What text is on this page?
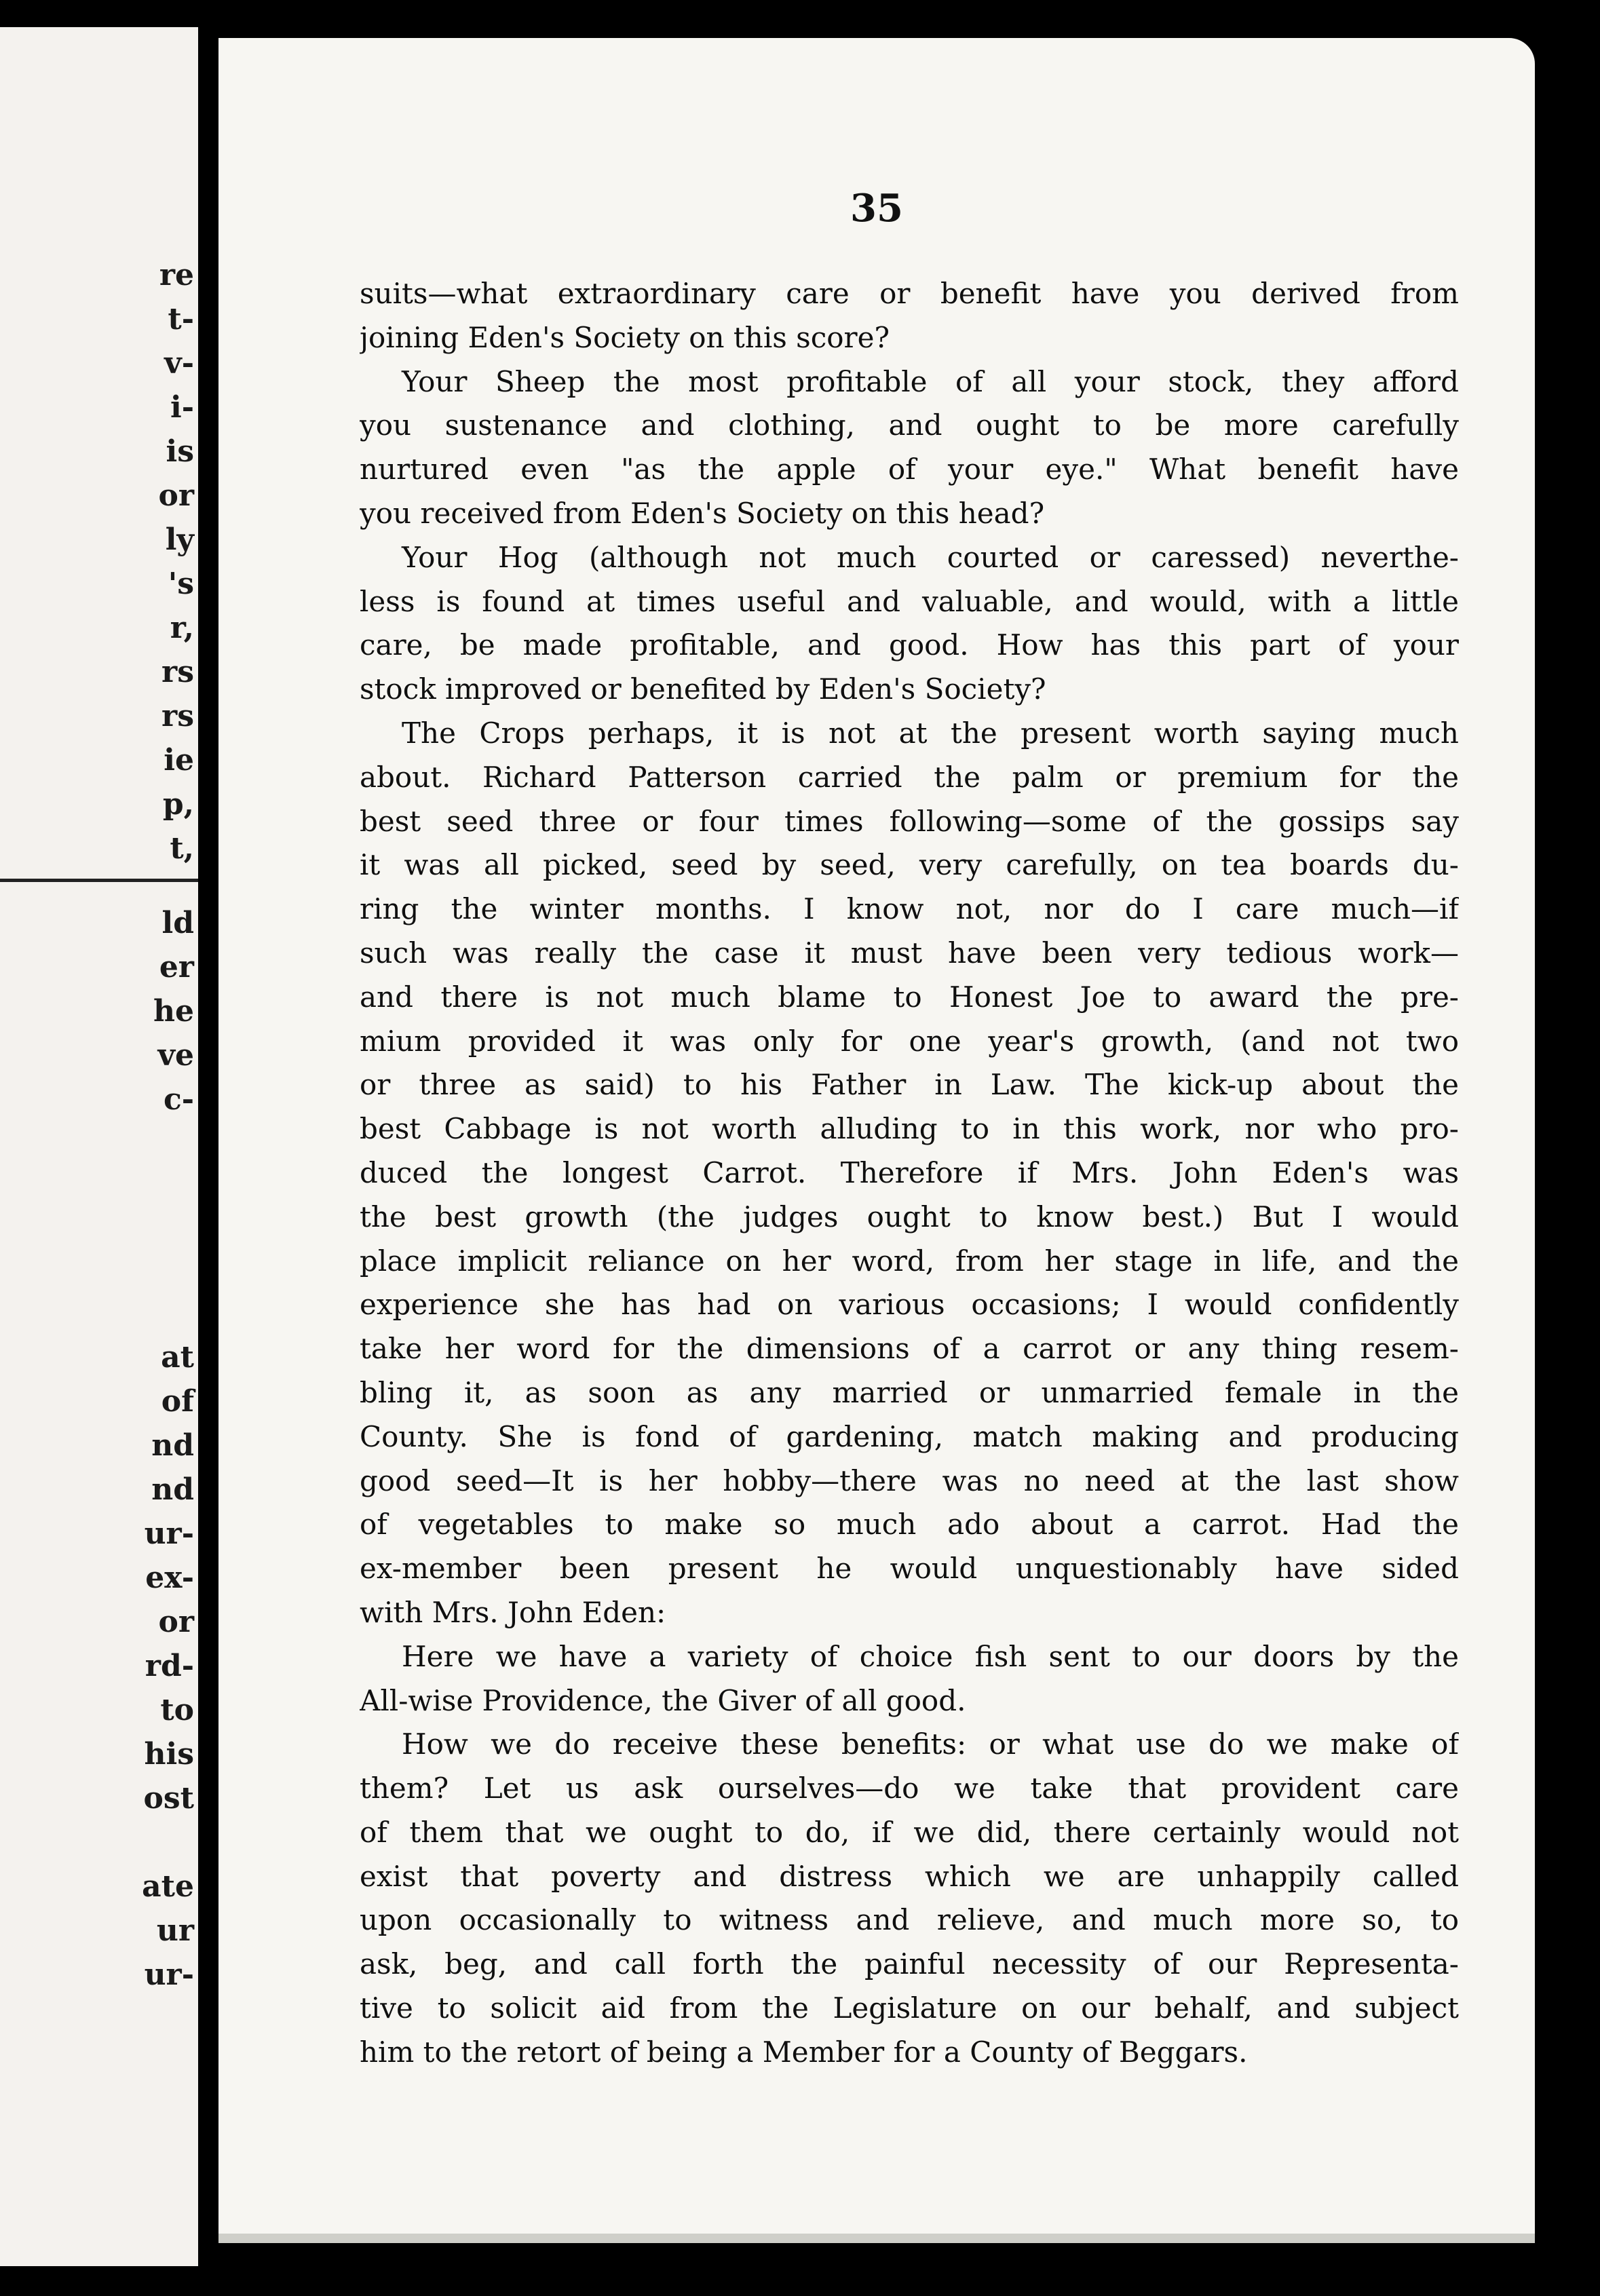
re
t-
v-
i-
is
or
ly
's
r,
rs
rs
ie
p,
t,
ld
er
he
ve
c-
at
of
nd
nd
ur-
ex-
or
rd-
to
his
ost
ate
ur
ur-
35
suits—what extraordinary care or benefit have you derived from
joining Eden's Society on this score?
Your Sheep the most profitable of all your stock, they afford
you sustenance and clothing, and ought to be more carefully
nurtured even "as the apple of your eye." What benefit have
you received from Eden's Society on this head?
Your Hog (although not much courted or caressed) neverthe-
less is found at times useful and valuable, and would, with a little
care, be made profitable, and good. How has this part of your
stock improved or benefited by Eden's Society?
The Crops perhaps, it is not at the present worth saying much
about. Richard Patterson carried the palm or premium for the
best seed three or four times following—some of the gossips say
it was all picked, seed by seed, very carefully, on tea boards du-
ring the winter months. I know not, nor do I care much—if
such was really the case it must have been very tedious work—
and there is not much blame to Honest Joe to award the pre-
mium provided it was only for one year's growth, (and not two
or three as said) to his Father in Law. The kick-up about the
best Cabbage is not worth alluding to in this work, nor who pro-
duced the longest Carrot. Therefore if Mrs. John Eden's was
the best growth (the judges ought to know best.) But I would
place implicit reliance on her word, from her stage in life, and the
experience she has had on various occasions; I would confidently
take her word for the dimensions of a carrot or any thing resem-
bling it, as soon as any married or unmarried female in the
County. She is fond of gardening, match making and producing
good seed—It is her hobby—there was no need at the last show
of vegetables to make so much ado about a carrot. Had the
ex-member been present he would unquestionably have sided
with Mrs. John Eden:
Here we have a variety of choice fish sent to our doors by the
All-wise Providence, the Giver of all good.
How we do receive these benefits: or what use do we make of
them? Let us ask ourselves—do we take that provident care
of them that we ought to do, if we did, there certainly would not
exist that poverty and distress which we are unhappily called
upon occasionally to witness and relieve, and much more so, to
ask, beg, and call forth the painful necessity of our Representa-
tive to solicit aid from the Legislature on our behalf, and subject
him to the retort of being a Member for a County of Beggars.
